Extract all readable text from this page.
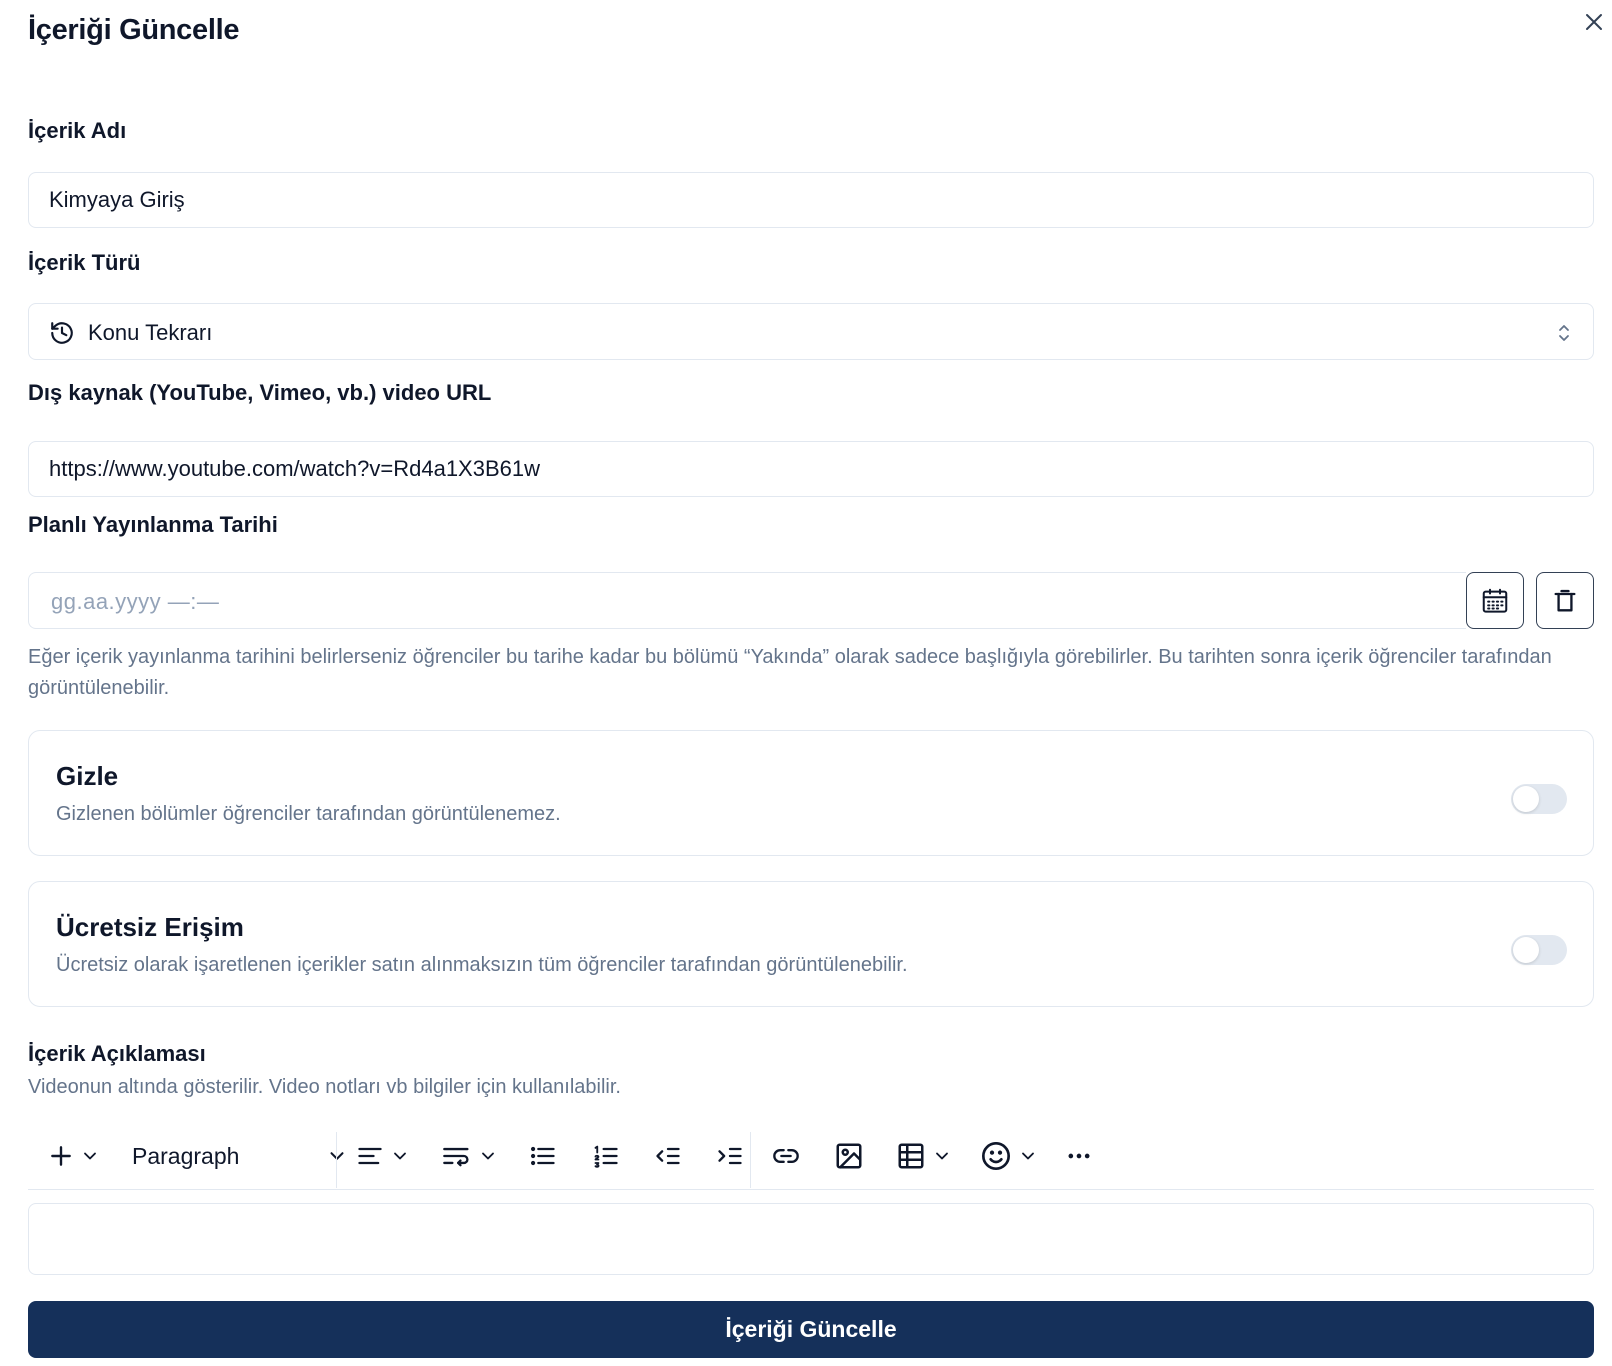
İçeriği Güncelle
İçerik Adı
Kimyaya Giriş
İçerik Türü
Konu Tekrarı
Dış kaynak (YouTube, Vimeo, vb.) video URL
https://www.youtube.com/watch?v=Rd4a1X3B61w
Planlı Yayınlanma Tarihi
gg.aa.yyyy —:—
Eğer içerik yayınlanma tarihini belirlerseniz öğrenciler bu tarihe kadar bu bölümü “Yakında” olarak sadece başlığıyla görebilirler. Bu tarihten sonra içerik öğrenciler tarafından görüntülenebilir.
Gizle
Gizlenen bölümler öğrenciler tarafından görüntülenemez.
Ücretsiz Erişim
Ücretsiz olarak işaretlenen içerikler satın alınmaksızın tüm öğrenciler tarafından görüntülenebilir.
İçerik Açıklaması
Videonun altında gösterilir. Video notları vb bilgiler için kullanılabilir.
Paragraph
İçeriği Güncelle
